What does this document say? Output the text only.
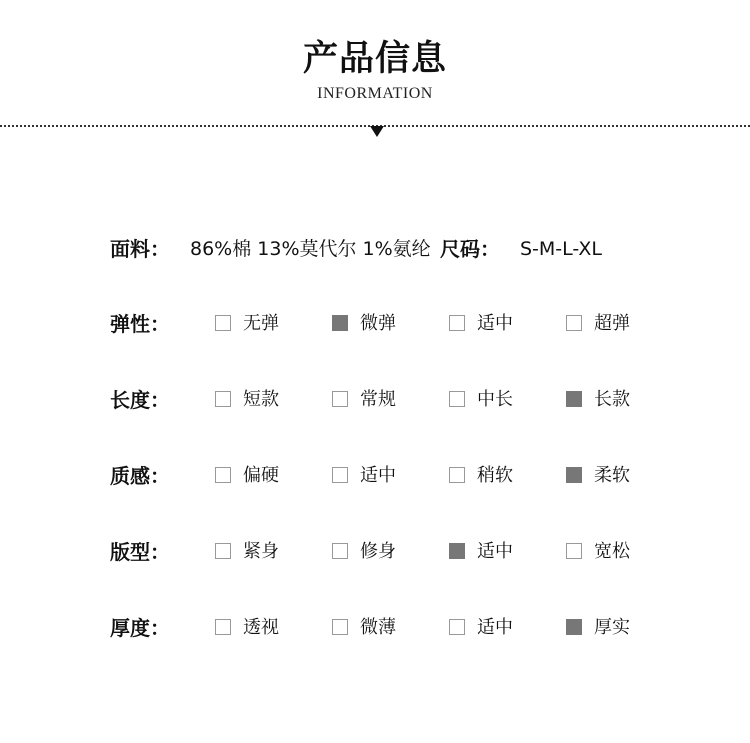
产品信息
INFORMATION
面料： 86%棉 13%莫代尔 1%氨纶 尺码： S-M-L-XL
弹性：	无弹	微弹	适中	超弹
长度：	短款	常规	中长	长款
质感：	偏硬	适中	稍软	柔软
版型：	紧身	修身	适中	宽松
厚度：	透视	微薄	适中	厚实
